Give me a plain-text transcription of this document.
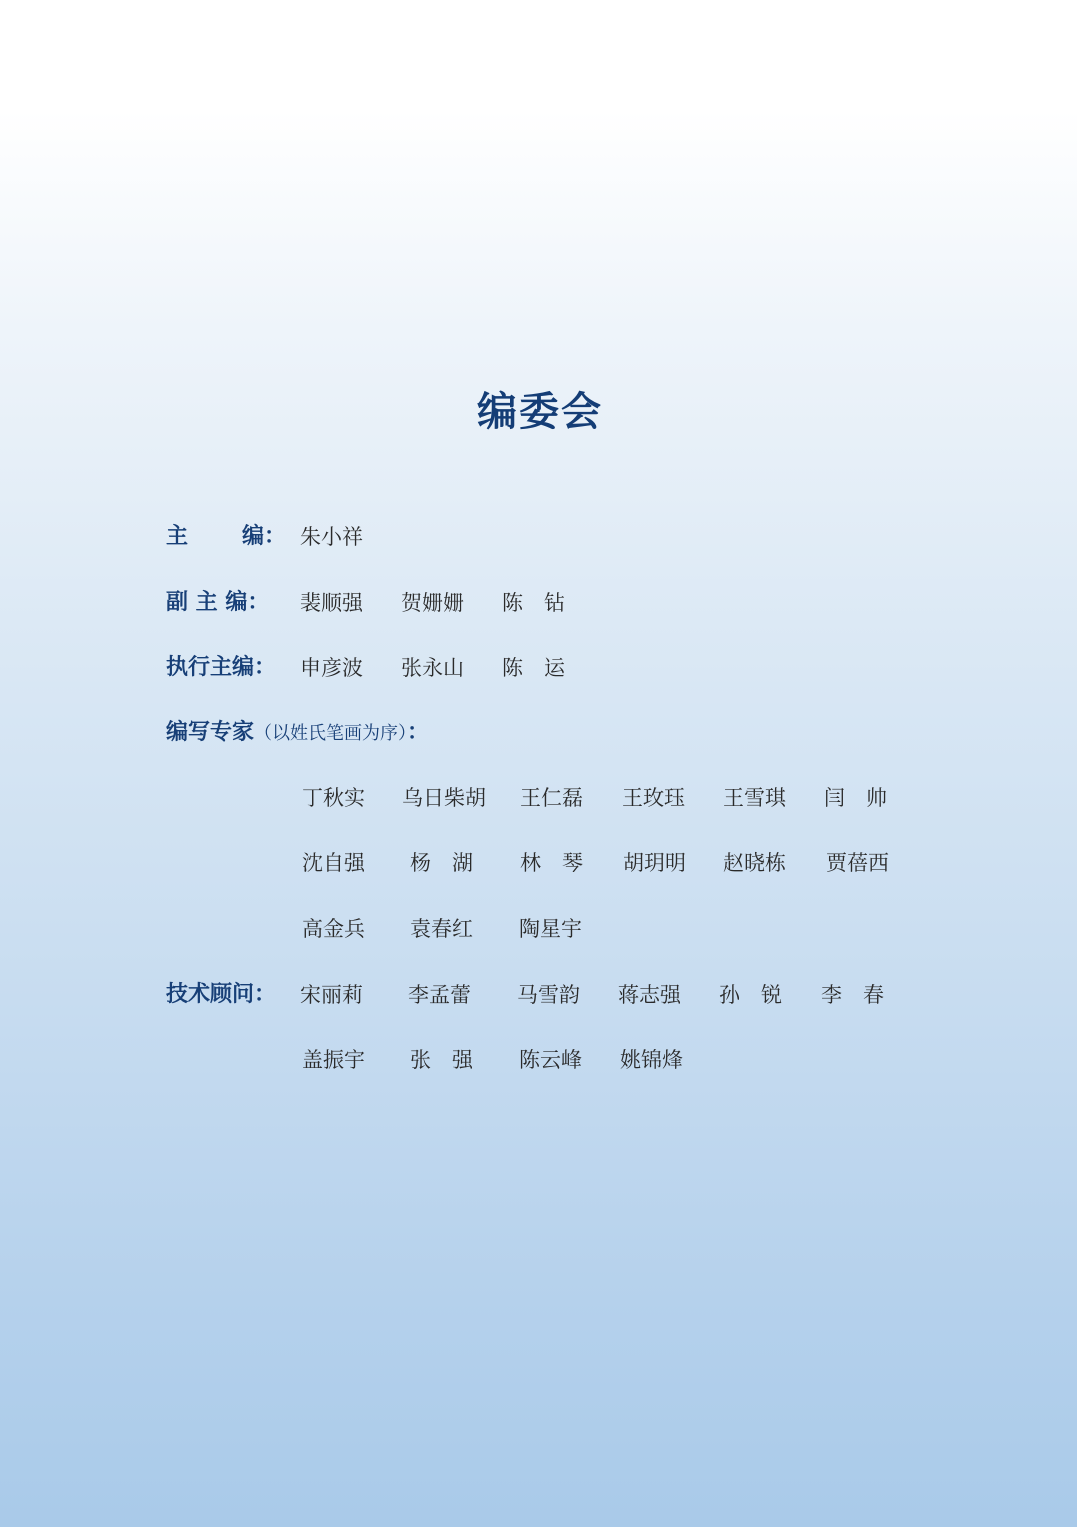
编委会
主 编： 朱小祥
副 主 编： 裴顺强 贺姗姗 陈　钻
执行主编： 申彦波 张永山 陈　运
编写专家（以姓氏笔画为序）：
丁秋实 乌日柴胡 王仁磊 王玫珏 王雪琪 闫　帅
沈自强 杨　湖 林　琴 胡玥明 赵晓栋 贾蓓西
高金兵 袁春红 陶星宇
技术顾问： 宋丽莉 李孟蕾 马雪韵 蒋志强 孙　锐 李　春
盖振宇 张　强 陈云峰 姚锦烽
